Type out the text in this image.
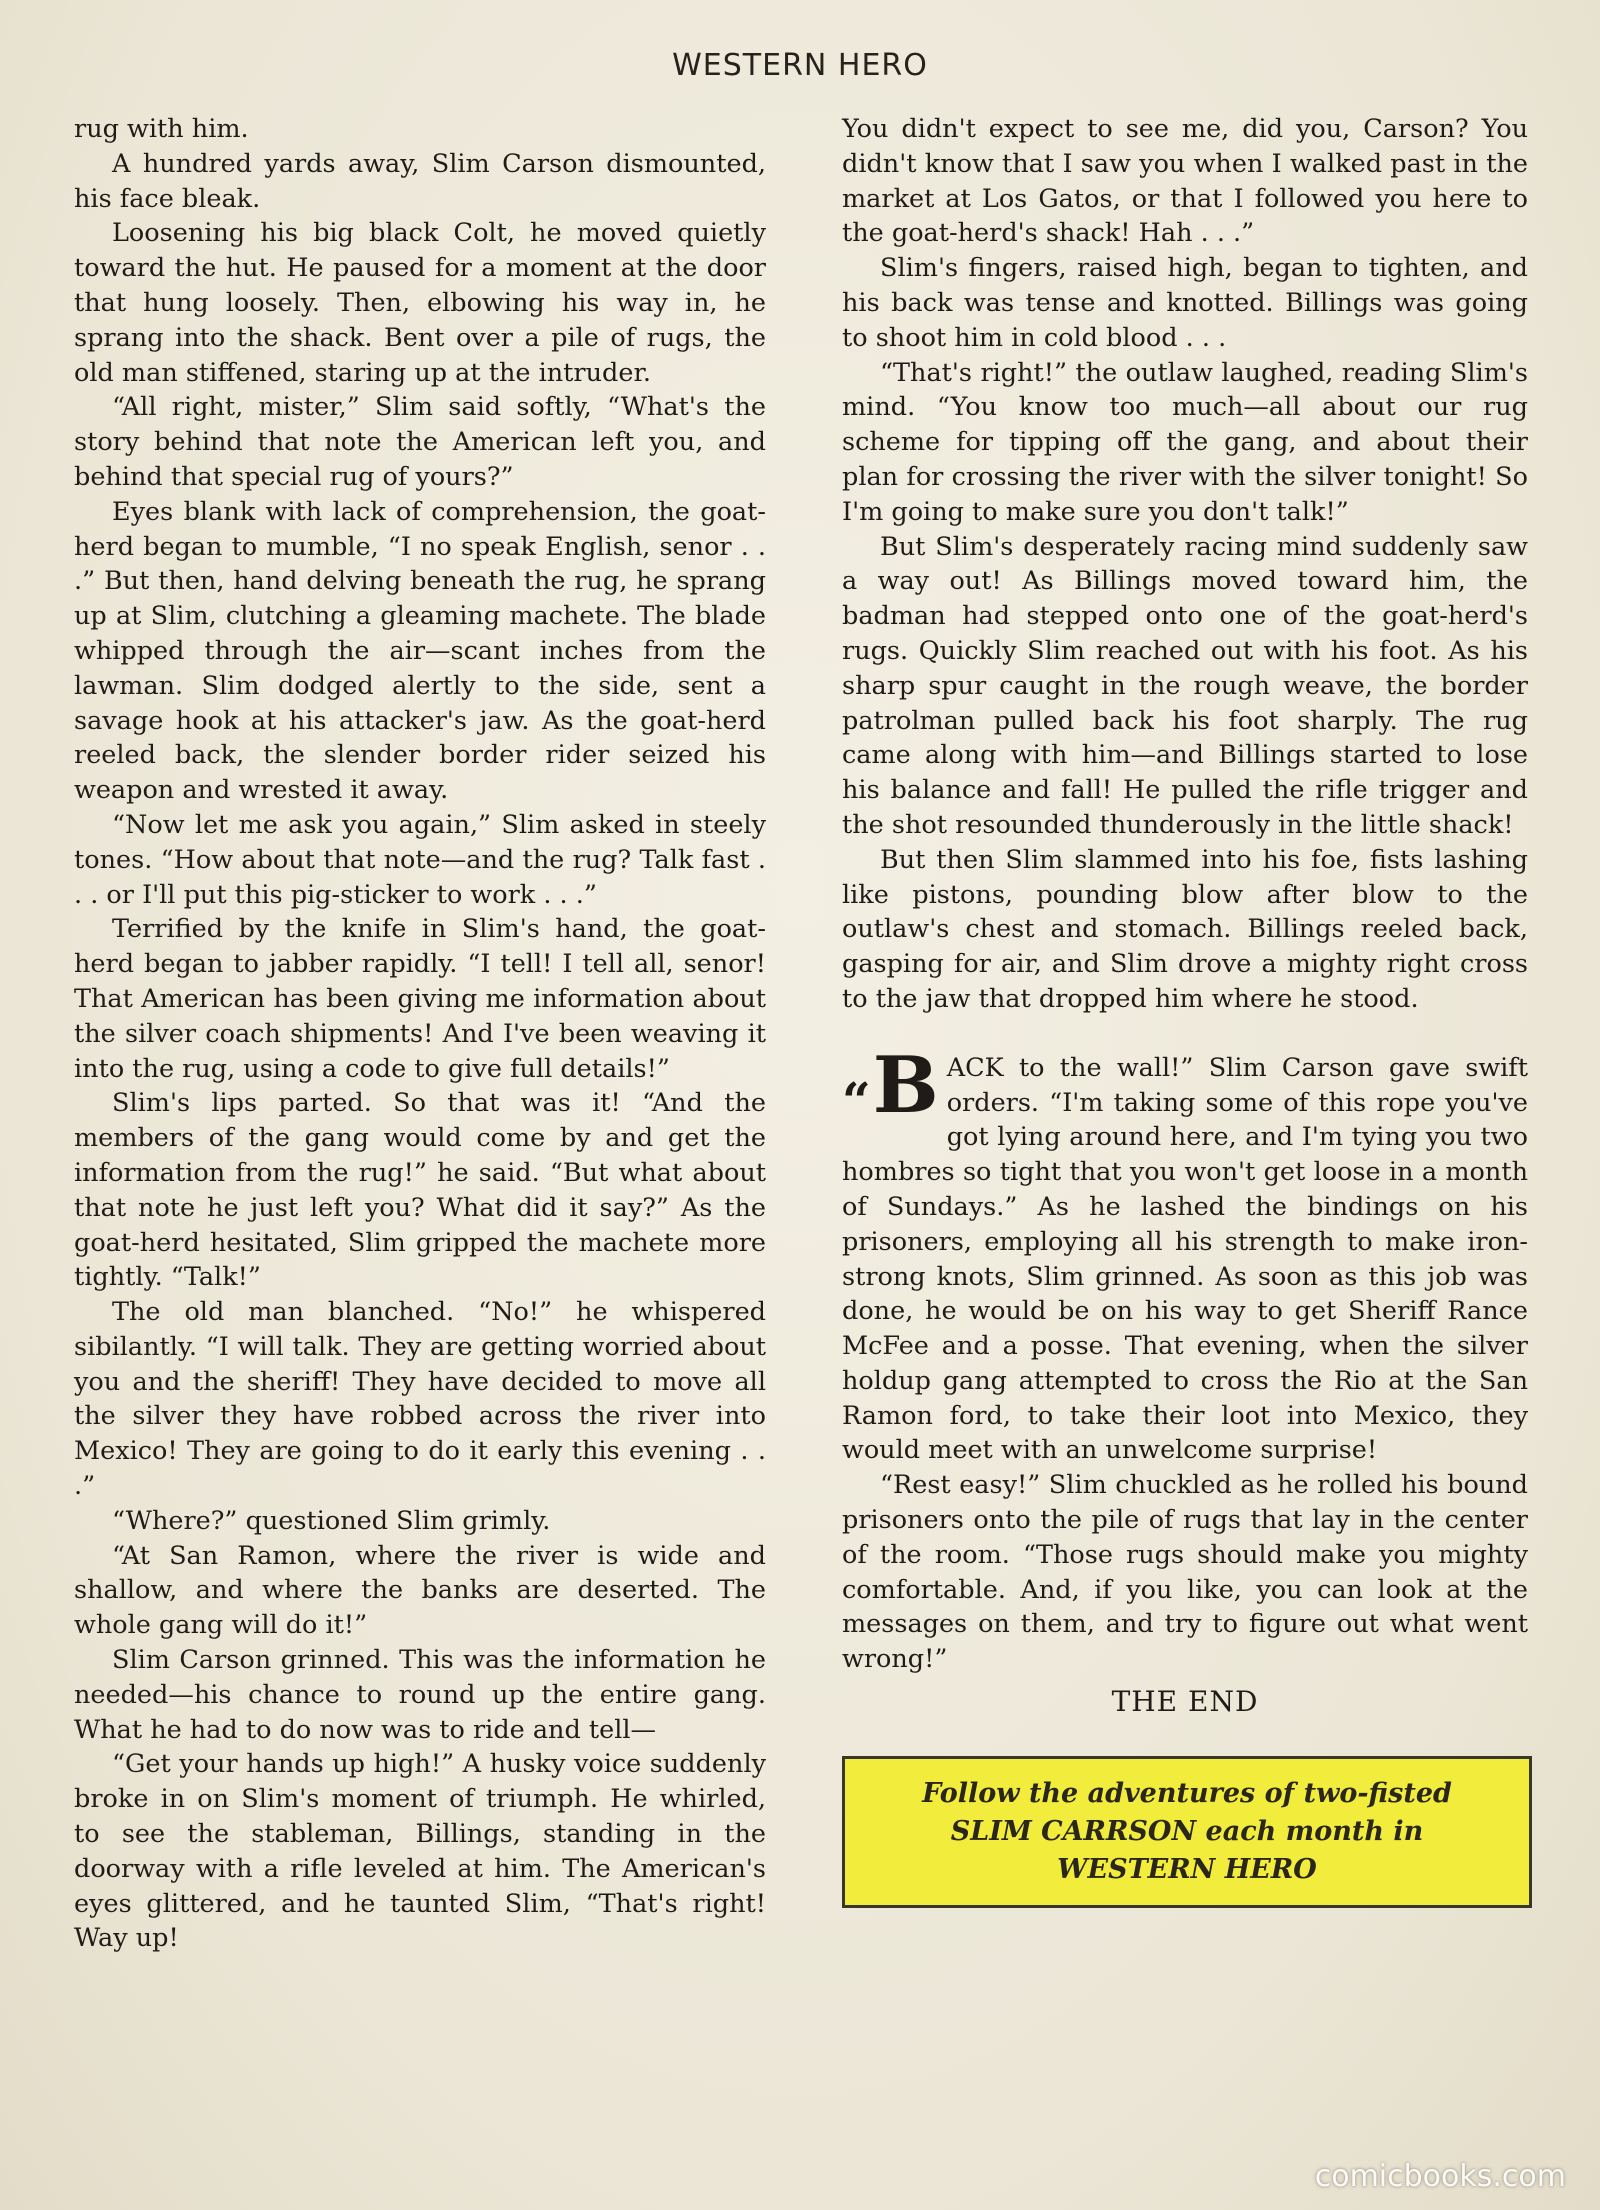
WESTERN HERO

rug with him.

A hundred yards away, Slim Carson dismounted, his face bleak.

Loosening his big black Colt, he moved quietly toward the hut. He paused for a moment at the door that hung loosely. Then, elbowing his way in, he sprang into the shack. Bent over a pile of rugs, the old man stiffened, staring up at the intruder.

“All right, mister,” Slim said softly, “What's the story behind that note the American left you, and behind that special rug of yours?”

Eyes blank with lack of comprehension, the goat-herd began to mumble, “I no speak English, senor . . .” But then, hand delving beneath the rug, he sprang up at Slim, clutching a gleaming machete. The blade whipped through the air—scant inches from the lawman. Slim dodged alertly to the side, sent a savage hook at his attacker's jaw. As the goat-herd reeled back, the slender border rider seized his weapon and wrested it away.

“Now let me ask you again,” Slim asked in steely tones. “How about that note—and the rug? Talk fast . . . or I'll put this pig-sticker to work . . .”

Terrified by the knife in Slim's hand, the goat-herd began to jabber rapidly. “I tell! I tell all, senor! That American has been giving me information about the silver coach shipments! And I've been weaving it into the rug, using a code to give full details!”

Slim's lips parted. So that was it! “And the members of the gang would come by and get the information from the rug!” he said. “But what about that note he just left you? What did it say?” As the goat-herd hesitated, Slim gripped the machete more tightly. “Talk!”

The old man blanched. “No!” he whispered sibilantly. “I will talk. They are getting worried about you and the sheriff! They have decided to move all the silver they have robbed across the river into Mexico! They are going to do it early this evening . . .”

“Where?” questioned Slim grimly.

“At San Ramon, where the river is wide and shallow, and where the banks are deserted. The whole gang will do it!”

Slim Carson grinned. This was the information he needed—his chance to round up the entire gang. What he had to do now was to ride and tell—

“Get your hands up high!” A husky voice suddenly broke in on Slim's moment of triumph. He whirled, to see the stableman, Billings, standing in the doorway with a rifle leveled at him. The American's eyes glittered, and he taunted Slim, “That's right! Way up!

You didn't expect to see me, did you, Carson? You didn't know that I saw you when I walked past in the market at Los Gatos, or that I followed you here to the goat-herd's shack! Hah . . .”

Slim's fingers, raised high, began to tighten, and his back was tense and knotted. Billings was going to shoot him in cold blood . . .

“That's right!” the outlaw laughed, reading Slim's mind. “You know too much—all about our rug scheme for tipping off the gang, and about their plan for crossing the river with the silver tonight! So I'm going to make sure you don't talk!”

But Slim's desperately racing mind suddenly saw a way out! As Billings moved toward him, the badman had stepped onto one of the goat-herd's rugs. Quickly Slim reached out with his foot. As his sharp spur caught in the rough weave, the border patrolman pulled back his foot sharply. The rug came along with him—and Billings started to lose his balance and fall! He pulled the rifle trigger and the shot resounded thunderously in the little shack!

But then Slim slammed into his foe, fists lashing like pistons, pounding blow after blow to the outlaw's chest and stomach. Billings reeled back, gasping for air, and Slim drove a mighty right cross to the jaw that dropped him where he stood.

“B ACK to the wall!” Slim Carson gave swift orders. “I'm taking some of this rope you've got lying around here, and I'm tying you two hombres so tight that you won't get loose in a month of Sundays.” As he lashed the bindings on his prisoners, employing all his strength to make iron-strong knots, Slim grinned. As soon as this job was done, he would be on his way to get Sheriff Rance McFee and a posse. That evening, when the silver holdup gang attempted to cross the Rio at the San Ramon ford, to take their loot into Mexico, they would meet with an unwelcome surprise!

“Rest easy!” Slim chuckled as he rolled his bound prisoners onto the pile of rugs that lay in the center of the room. “Those rugs should make you mighty comfortable. And, if you like, you can look at the messages on them, and try to figure out what went wrong!”

THE END
Follow the adventures of two-fisted
SLIM CARRSON each month in
WESTERN HERO
comicbooks.com
